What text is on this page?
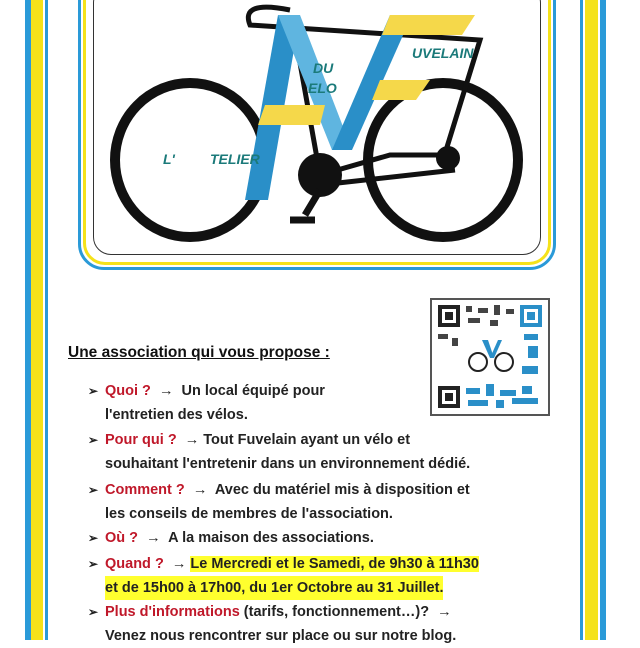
UVELAIN
DU
ELO
L'	TELIER
Une association qui vous propose :
➢ Quoi ? → Un local équipé pour
l'entretien des vélos.
➢ Pour qui ? → Tout Fuvelain ayant un vélo et
souhaitant l'entretenir dans un environnement dédié.
➢ Comment ? → Avec du matériel mis à disposition et
les conseils de membres de l'association.
➢ Où ? → A la maison des associations.
➢ Quand ? → Le Mercredi et le Samedi, de 9h30 à 11h30
et de 15h00 à 17h00, du 1er Octobre au 31 Juillet.
➢ Plus d'informations (tarifs, fonctionnement…)? →
Venez nous rencontrer sur place ou sur notre blog.
